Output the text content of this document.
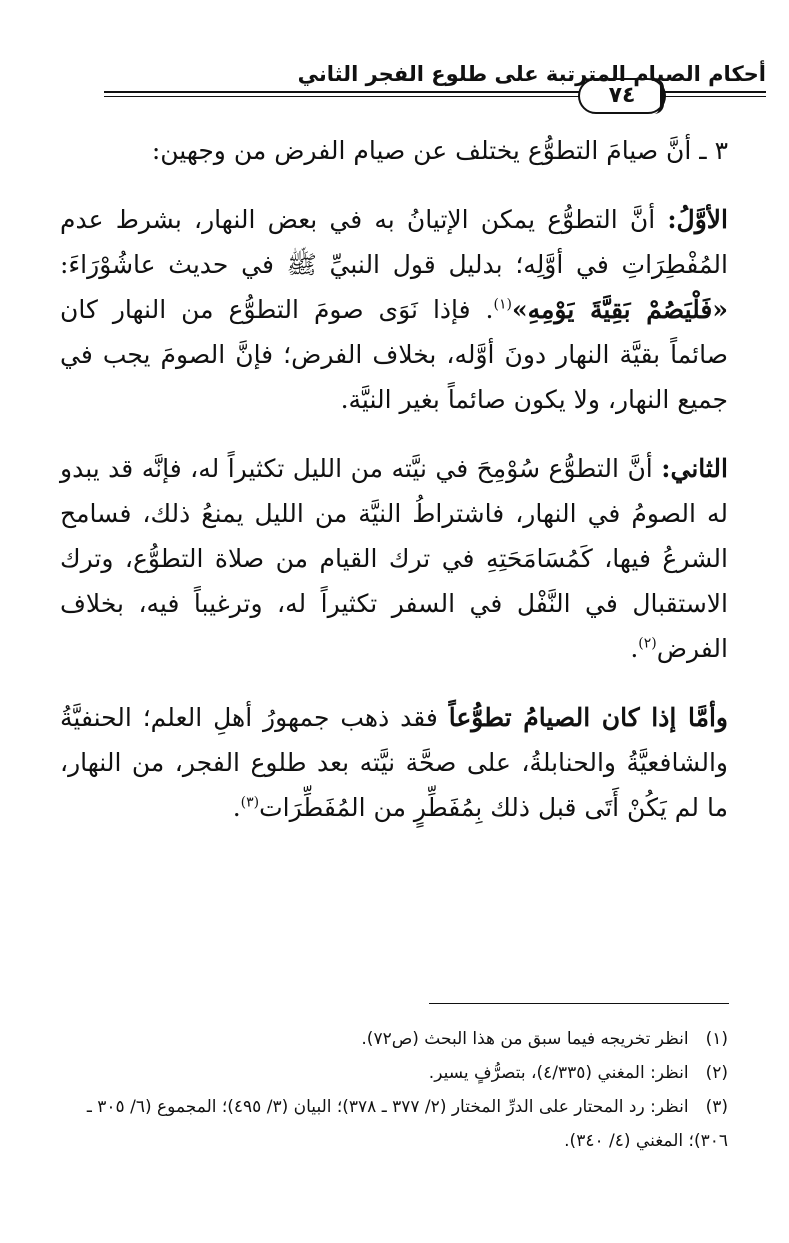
٧٤
أحكام الصيام المترتبة على طلوع الفجر الثاني

٣ ـ أنَّ صيامَ التطوُّع يختلف عن صيام الفرض من وجهين:

الأوَّلُ: أنَّ التطوُّع يمكن الإتيانُ به في بعض النهار، بشرط عدم المُفْطِرَاتِ في أوَّلِه؛ بدليل قول النبيِّ ﷺ في حديث عاشُوْرَاءَ: «فَلْيَصُمْ بَقِيَّةَ يَوْمِهِ»$^{(١)}$. فإذا نَوَى صومَ التطوُّع من النهار كان صائماً بقيَّة النهار دونَ أوَّله، بخلاف الفرض؛ فإنَّ الصومَ يجب في جميع النهار، ولا يكون صائماً بغير النيَّة.

الثاني: أنَّ التطوُّع سُوْمِحَ في نيَّته من الليل تكثيراً له، فإنَّه قد يبدو له الصومُ في النهار، فاشتراطُ النيَّة من الليل يمنعُ ذلك، فسامح الشرعُ فيها، كَمُسَامَحَتِهِ في ترك القيام من صلاة التطوُّع، وترك الاستقبال في النَّفْل في السفر تكثيراً له، وترغيباً فيه، بخلاف الفرض$^{(٢)}$.

وأمَّا إذا كان الصيامُ تطوُّعاً فقد ذهب جمهورُ أهلِ العلم؛ الحنفيَّةُ والشافعيَّةُ والحنابلةُ، على صحَّة نيَّته بعد طلوع الفجر، من النهار، ما لم يَكُنْ أَتَى قبل ذلك بِمُفَطِّرٍ من المُفَطِّرَات$^{(٣)}$.

(١) انظر تخريجه فيما سبق من هذا البحث (ص٧٢).

(٢) انظر: المغني (٤/٣٣٥)، بتصرُّفٍ يسير.

(٣) انظر: رد المحتار على الدرِّ المختار (٢/ ٣٧٧ ـ ٣٧٨)؛ البيان (٣/ ٤٩٥)؛ المجموع (٦/ ٣٠٥ ـ ٣٠٦)؛ المغني (٤/ ٣٤٠).
